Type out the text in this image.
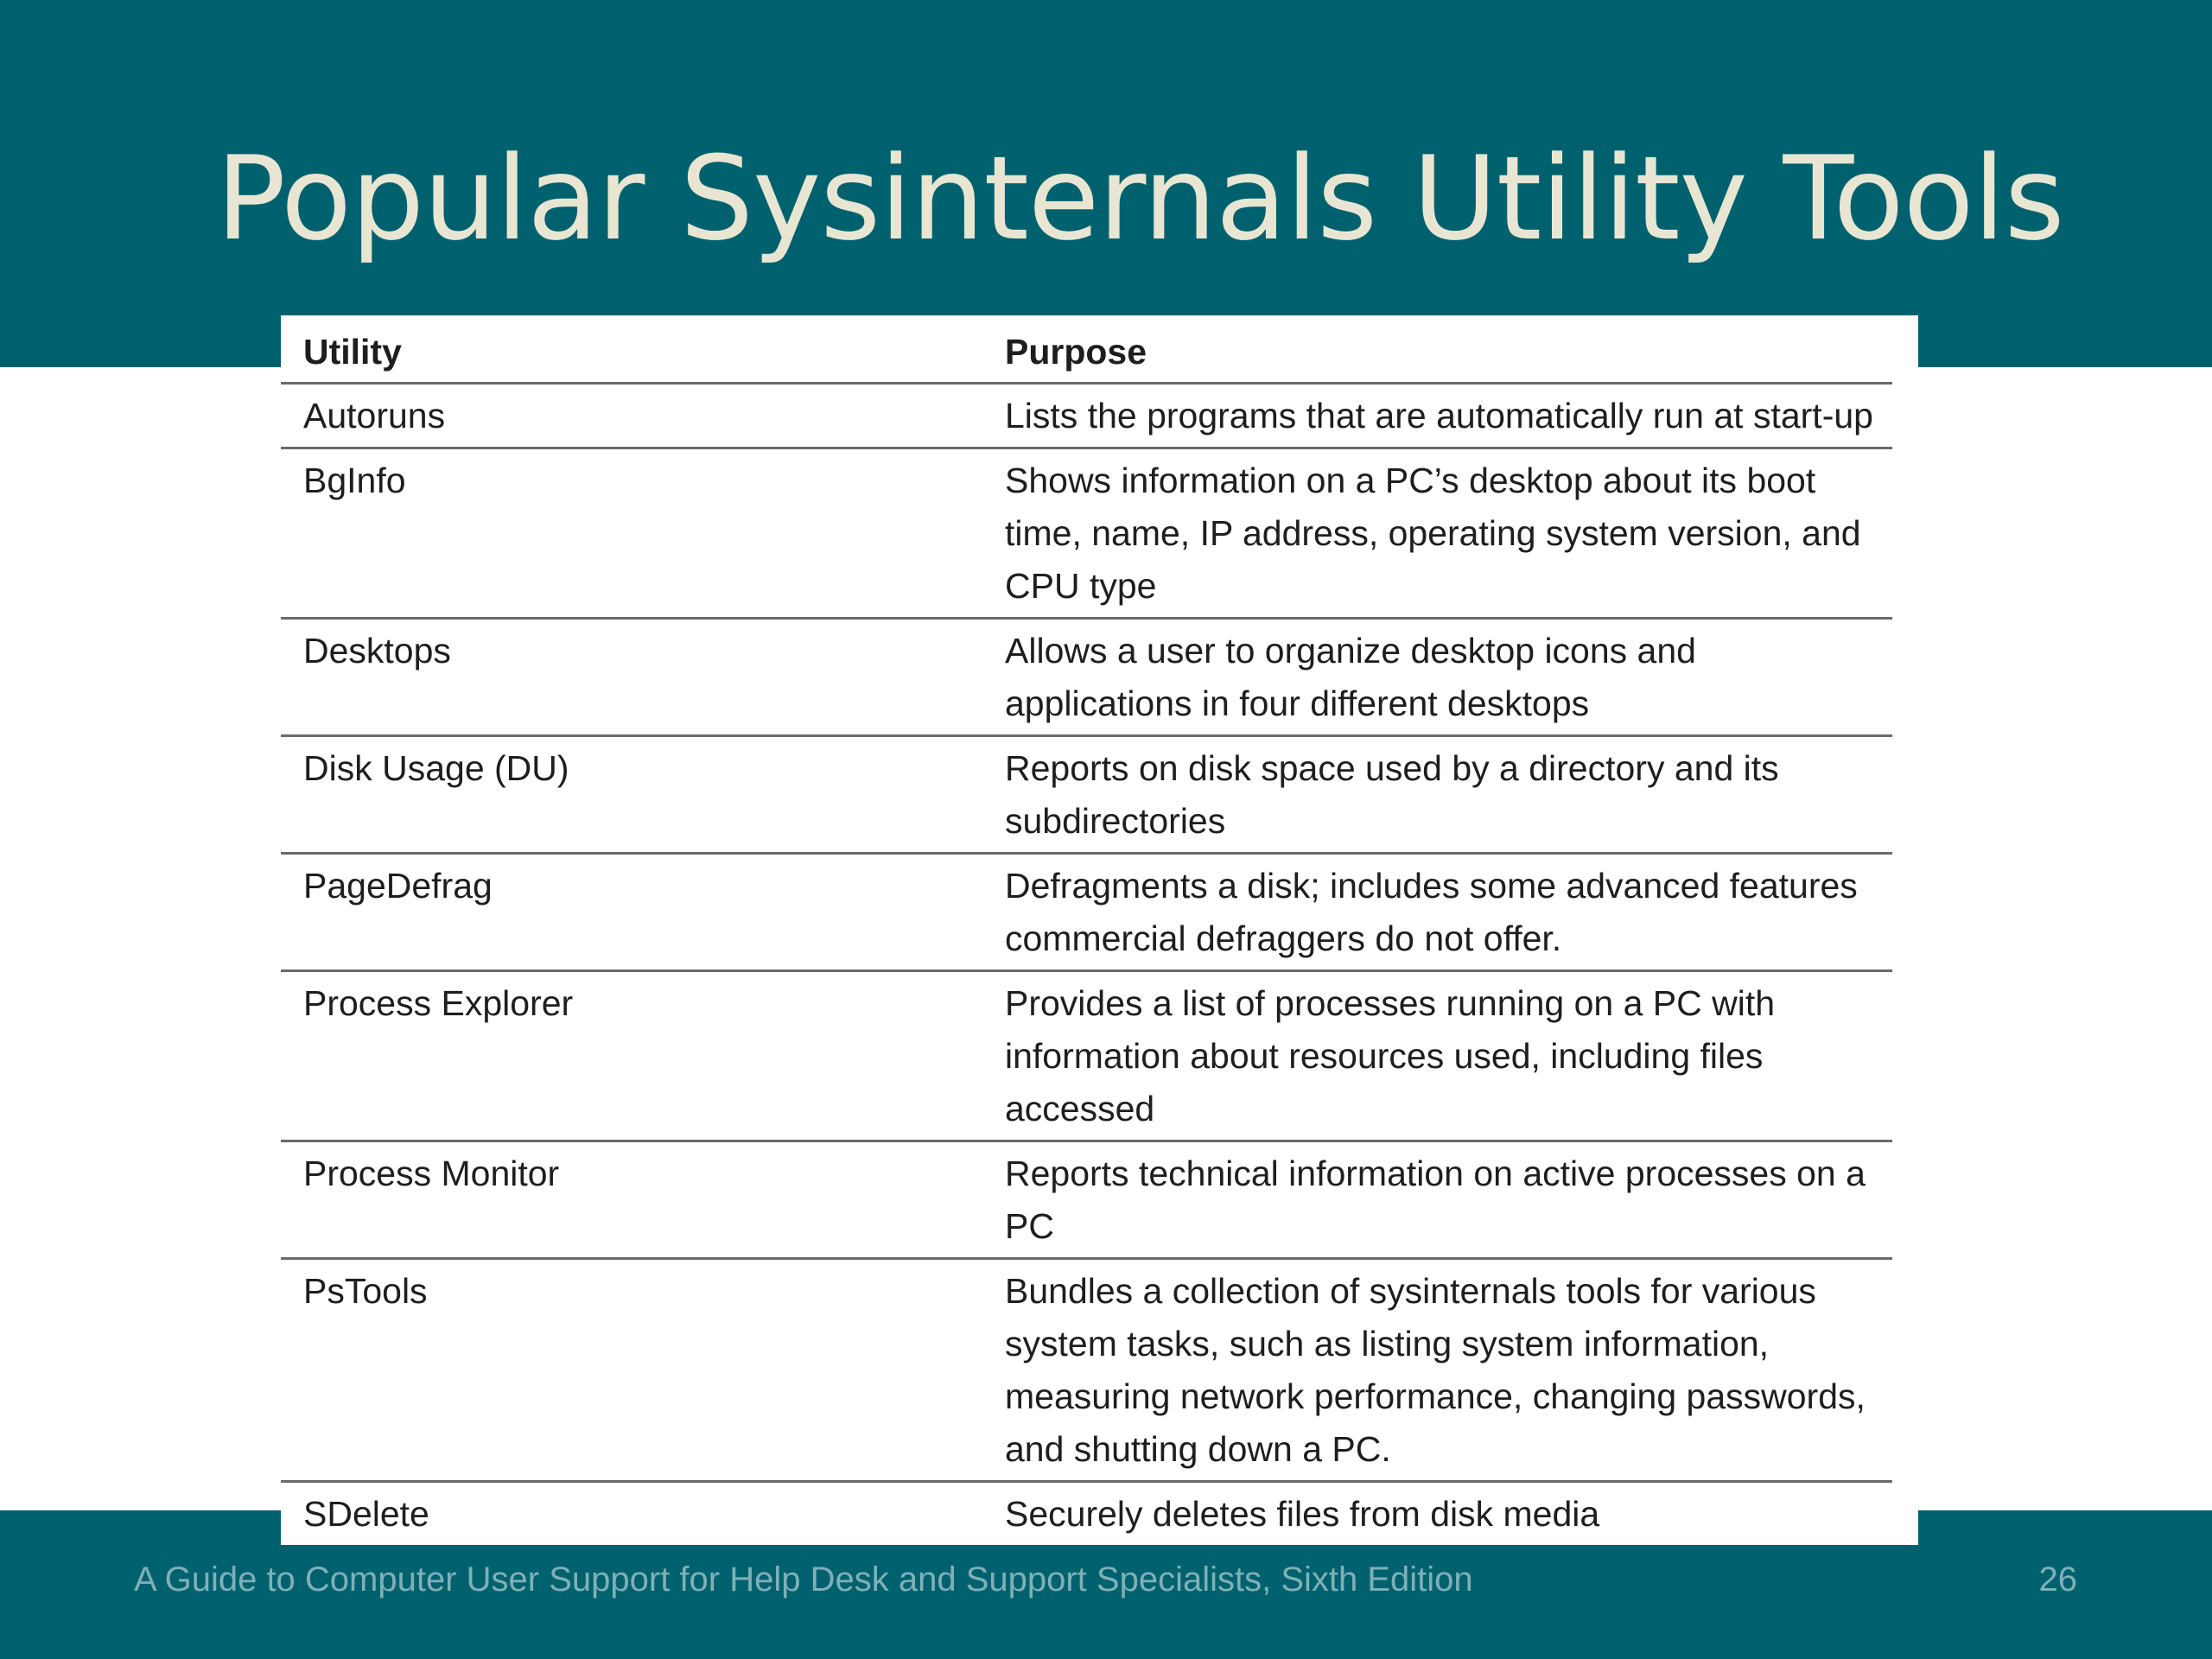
Popular Sysinternals Utility Tools
Utility	Purpose
Autoruns	Lists the programs that are automatically run at start-up
BgInfo	Shows information on a PC’s desktop about its boot time, name, IP address, operating system version, and CPU type
Desktops	Allows a user to organize desktop icons and applications in four different desktops
Disk Usage (DU)	Reports on disk space used by a directory and its subdirectories
PageDefrag	Defragments a disk; includes some advanced features commercial defraggers do not offer.
Process Explorer	Provides a list of processes running on a PC with information about resources used, including files accessed
Process Monitor	Reports technical information on active processes on a PC
PsTools	Bundles a collection of sysinternals tools for various system tasks, such as listing system information, measuring network performance, changing passwords, and shutting down a PC.
SDelete	Securely deletes files from disk media
A Guide to Computer User Support for Help Desk and Support Specialists, Sixth Edition	26
